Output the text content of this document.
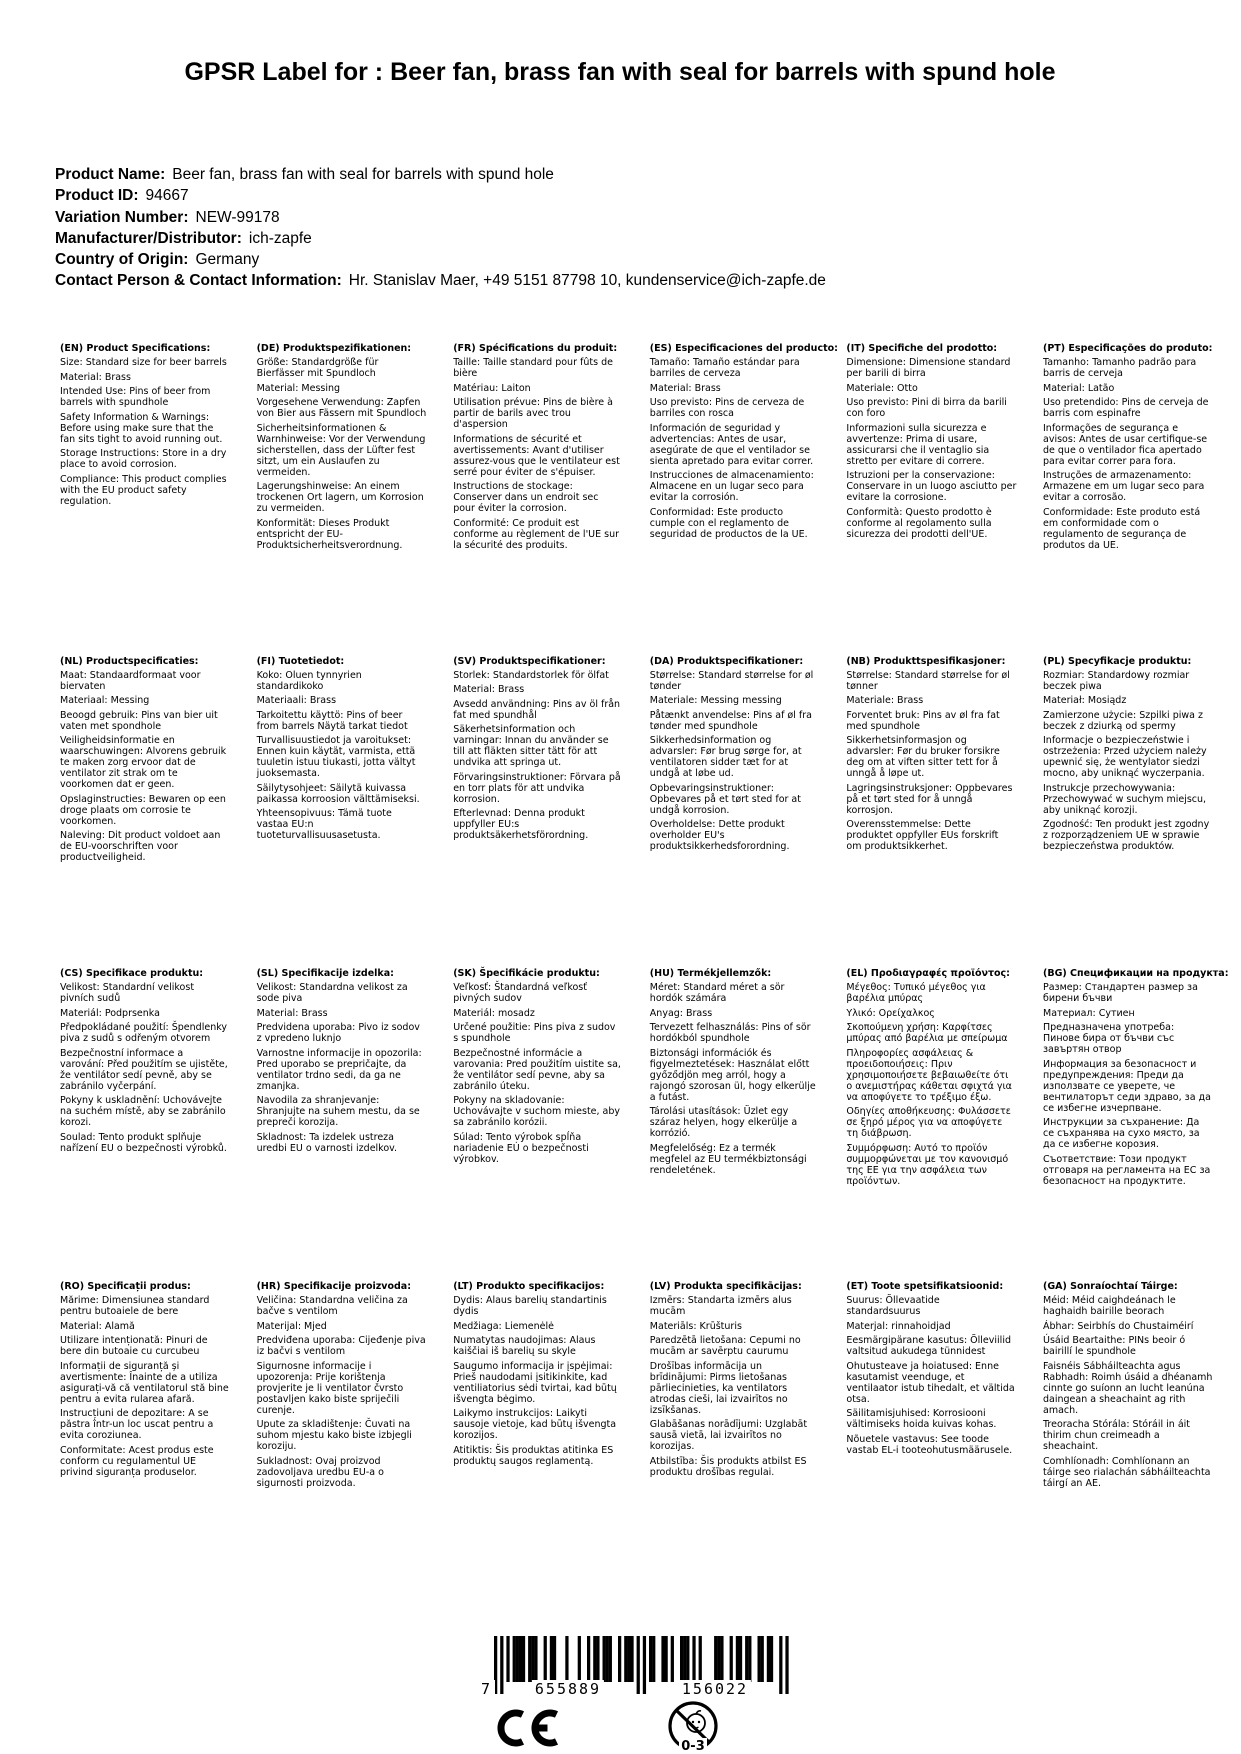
GPSR Label for : Beer fan, brass fan with seal for barrels with spund hole
Product Name: Beer fan, brass fan with seal for barrels with spund hole
Product ID: 94667
Variation Number: NEW-99178
Manufacturer/Distributor: ich-zapfe
Country of Origin: Germany
Contact Person & Contact Information: Hr. Stanislav Maer, +49 5151 87798 10, kundenservice@ich-zapfe.de
(EN) Product Specifications:

Size: Standard size for beer barrels

Material: Brass

Intended Use: Pins of beer from barrels with spundhole

Safety Information & Warnings: Before using make sure that the fan sits tight to avoid running out.

Storage Instructions: Store in a dry place to avoid corrosion.

Compliance: This product complies with the EU product safety regulation.

(DE) Produktspezifikationen:

Größe: Standardgröße für Bierfässer mit Spundloch

Material: Messing

Vorgesehene Verwendung: Zapfen von Bier aus Fässern mit Spundloch

Sicherheitsinformationen & Warnhinweise: Vor der Verwendung sicherstellen, dass der Lüfter fest sitzt, um ein Auslaufen zu vermeiden.

Lagerungshinweise: An einem trockenen Ort lagern, um Korrosion zu vermeiden.

Konformität: Dieses Produkt entspricht der EU-Produktsicherheitsverordnung.

(FR) Spécifications du produit:

Taille: Taille standard pour fûts de bière

Matériau: Laiton

Utilisation prévue: Pins de bière à partir de barils avec trou d'aspersion

Informations de sécurité et avertissements: Avant d'utiliser assurez-vous que le ventilateur est serré pour éviter de s'épuiser.

Instructions de stockage: Conserver dans un endroit sec pour éviter la corrosion.

Conformité: Ce produit est conforme au règlement de l'UE sur la sécurité des produits.

(ES) Especificaciones del producto:

Tamaño: Tamaño estándar para barriles de cerveza

Material: Brass

Uso previsto: Pins de cerveza de barriles con rosca

Información de seguridad y advertencias: Antes de usar, asegúrate de que el ventilador se sienta apretado para evitar correr.

Instrucciones de almacenamiento: Almacene en un lugar seco para evitar la corrosión.

Conformidad: Este producto cumple con el reglamento de seguridad de productos de la UE.

(IT) Specifiche del prodotto:

Dimensione: Dimensione standard per barili di birra

Materiale: Otto

Uso previsto: Pini di birra da barili con foro

Informazioni sulla sicurezza e avvertenze: Prima di usare, assicurarsi che il ventaglio sia stretto per evitare di correre.

Istruzioni per la conservazione: Conservare in un luogo asciutto per evitare la corrosione.

Conformità: Questo prodotto è conforme al regolamento sulla sicurezza dei prodotti dell'UE.

(PT) Especificações do produto:

Tamanho: Tamanho padrão para barris de cerveja

Material: Latão

Uso pretendido: Pins de cerveja de barris com espinafre

Informações de segurança e avisos: Antes de usar certifique-se de que o ventilador fica apertado para evitar correr para fora.

Instruções de armazenamento: Armazene em um lugar seco para evitar a corrosão.

Conformidade: Este produto está em conformidade com o regulamento de segurança de produtos da UE.

(NL) Productspecificaties:

Maat: Standaardformaat voor biervaten

Materiaal: Messing

Beoogd gebruik: Pins van bier uit vaten met spondhole

Veiligheidsinformatie en waarschuwingen: Alvorens gebruik te maken zorg ervoor dat de ventilator zit strak om te voorkomen dat er geen.

Opslaginstructies: Bewaren op een droge plaats om corrosie te voorkomen.

Naleving: Dit product voldoet aan de EU-voorschriften voor productveiligheid.

(FI) Tuotetiedot:

Koko: Oluen tynnyrien standardikoko

Materiaali: Brass

Tarkoitettu käyttö: Pins of beer from barrels Näytä tarkat tiedot

Turvallisuustiedot ja varoitukset: Ennen kuin käytät, varmista, että tuuletin istuu tiukasti, jotta vältyt juoksemasta.

Säilytysohjeet: Säilytä kuivassa paikassa korroosion välttämiseksi.

Yhteensopivuus: Tämä tuote vastaa EU:n tuoteturvallisuusasetusta.

(SV) Produktspecifikationer:

Storlek: Standardstorlek för ölfat

Material: Brass

Avsedd användning: Pins av öl från fat med spundhål

Säkerhetsinformation och varningar: Innan du använder se till att fläkten sitter tätt för att undvika att springa ut.

Förvaringsinstruktioner: Förvara på en torr plats för att undvika korrosion.

Efterlevnad: Denna produkt uppfyller EU:s produktsäkerhetsförordning.

(DA) Produktspecifikationer:

Størrelse: Standard størrelse for øl tønder

Materiale: Messing messing

Påtænkt anvendelse: Pins af øl fra tønder med spundhole

Sikkerhedsinformation og advarsler: Før brug sørge for, at ventilatoren sidder tæt for at undgå at løbe ud.

Opbevaringsinstruktioner: Opbevares på et tørt sted for at undgå korrosion.

Overholdelse: Dette produkt overholder EU's produktsikkerhedsforordning.

(NB) Produkttspesifikasjoner:

Størrelse: Standard størrelse for øl tønner

Materiale: Brass

Forventet bruk: Pins av øl fra fat med spundhole

Sikkerhetsinformasjon og advarsler: Før du bruker forsikre deg om at viften sitter tett for å unngå å løpe ut.

Lagringsinstruksjoner: Oppbevares på et tørt sted for å unngå korrosjon.

Overensstemmelse: Dette produktet oppfyller EUs forskrift om produktsikkerhet.

(PL) Specyfikacje produktu:

Rozmiar: Standardowy rozmiar beczek piwa

Materiał: Mosiądz

Zamierzone użycie: Szpilki piwa z beczek z dziurką od spermy

Informacje o bezpieczeństwie i ostrzeżenia: Przed użyciem należy upewnić się, że wentylator siedzi mocno, aby uniknąć wyczerpania.

Instrukcje przechowywania: Przechowywać w suchym miejscu, aby uniknąć korozji.

Zgodność: Ten produkt jest zgodny z rozporządzeniem UE w sprawie bezpieczeństwa produktów.

(CS) Specifikace produktu:

Velikost: Standardní velikost pivních sudů

Materiál: Podprsenka

Předpokládané použití: Špendlenky piva z sudů s odřeným otvorem

Bezpečnostní informace a varování: Před použitím se ujistěte, že ventilátor sedí pevně, aby se zabránilo vyčerpání.

Pokyny k uskladnění: Uchovávejte na suchém místě, aby se zabránilo korozi.

Soulad: Tento produkt splňuje nařízení EU o bezpečnosti výrobků.

(SL) Specifikacije izdelka:

Velikost: Standardna velikost za sode piva

Material: Brass

Predvidena uporaba: Pivo iz sodov z vpredeno luknjo

Varnostne informacije in opozorila: Pred uporabo se prepričajte, da ventilator trdno sedi, da ga ne zmanjka.

Navodila za shranjevanje: Shranjujte na suhem mestu, da se prepreči korozija.

Skladnost: Ta izdelek ustreza uredbi EU o varnosti izdelkov.

(SK) Špecifikácie produktu:

Veľkosť: Štandardná veľkosť pivných sudov

Materiál: mosadz

Určené použitie: Pins piva z sudov s spundhole

Bezpečnostné informácie a varovania: Pred použitím uistite sa, že ventilátor sedí pevne, aby sa zabránilo úteku.

Pokyny na skladovanie: Uchovávajte v suchom mieste, aby sa zabránilo korózii.

Súlad: Tento výrobok spĺňa nariadenie EÚ o bezpečnosti výrobkov.

(HU) Termékjellemzők:

Méret: Standard méret a sör hordók számára

Anyag: Brass

Tervezett felhasználás: Pins of sör hordókból spundhole

Biztonsági információk és figyelmeztetések: Használat előtt győződjön meg arról, hogy a rajongó szorosan ül, hogy elkerülje a futást.

Tárolási utasítások: Üzlet egy száraz helyen, hogy elkerülje a korrózió.

Megfelelőség: Ez a termék megfelel az EU termékbiztonsági rendeletének.

(EL) Προδιαγραφές προϊόντος:

Μέγεθος: Τυπικό μέγεθος για βαρέλια μπύρας

Υλικό: Ορείχαλκος

Σκοπούμενη χρήση: Καρφίτσες μπύρας από βαρέλια με σπείρωμα

Πληροφορίες ασφάλειας & προειδοποιήσεις: Πριν χρησιμοποιήσετε βεβαιωθείτε ότι ο ανεμιστήρας κάθεται σφιχτά για να αποφύγετε το τρέξιμο έξω.

Οδηγίες αποθήκευσης: Φυλάσσετε σε ξηρό μέρος για να αποφύγετε τη διάβρωση.

Συμμόρφωση: Αυτό το προϊόν συμμορφώνεται με τον κανονισμό της ΕΕ για την ασφάλεια των προϊόντων.

(BG) Спецификации на продукта:

Размер: Стандартен размер за бирени бъчви

Материал: Сутиен

Предназначена употреба: Пинове бира от бъчви със завъртян отвор

Информация за безопасност и предупреждения: Преди да използвате се уверете, че вентилаторът седи здраво, за да се избегне изчерпване.

Инструкции за съхранение: Да се съхранява на сухо място, за да се избегне корозия.

Съответствие: Този продукт отговаря на регламента на ЕС за безопасност на продуктите.

(RO) Specificații produs:

Mărime: Dimensiunea standard pentru butoaiele de bere

Material: Alamă

Utilizare intenționată: Pinuri de bere din butoaie cu curcubeu

Informații de siguranță și avertismente: Înainte de a utiliza asigurați-vă că ventilatorul stă bine pentru a evita rularea afară.

Instrucțiuni de depozitare: A se păstra într-un loc uscat pentru a evita coroziunea.

Conformitate: Acest produs este conform cu regulamentul UE privind siguranța produselor.

(HR) Specifikacije proizvoda:

Veličina: Standardna veličina za bačve s ventilom

Materijal: Mjed

Predviđena uporaba: Cijeđenje piva iz bačvi s ventilom

Sigurnosne informacije i upozorenja: Prije korištenja provjerite je li ventilator čvrsto postavljen kako biste spriječili curenje.

Upute za skladištenje: Čuvati na suhom mjestu kako biste izbjegli koroziju.

Sukladnost: Ovaj proizvod zadovoljava uredbu EU-a o sigurnosti proizvoda.

(LT) Produkto specifikacijos:

Dydis: Alaus barelių standartinis dydis

Medžiaga: Liemenėlė

Numatytas naudojimas: Alaus kaiščiai iš barelių su skyle

Saugumo informacija ir įspėjimai: Prieš naudodami įsitikinkite, kad ventiliatorius sėdi tvirtai, kad būtų išvengta bėgimo.

Laikymo instrukcijos: Laikyti sausoje vietoje, kad būtų išvengta korozijos.

Atitiktis: Šis produktas atitinka ES produktų saugos reglamentą.

(LV) Produkta specifikācijas:

Izmērs: Standarta izmērs alus mucām

Materiāls: Krūšturis

Paredzētā lietošana: Cepumi no mucām ar savērptu caurumu

Drošības informācija un brīdinājumi: Pirms lietošanas pārliecinieties, ka ventilators atrodas cieši, lai izvairītos no izsīkšanas.

Glabāšanas norādījumi: Uzglabāt sausā vietā, lai izvairītos no korozijas.

Atbilstība: Šis produkts atbilst ES produktu drošības regulai.

(ET) Toote spetsifikatsioonid:

Suurus: Õllevaatide standardsuurus

Materjal: rinnahoidjad

Eesmärgipärane kasutus: Õlleviilid valtsitud aukudega tünnidest

Ohutusteave ja hoiatused: Enne kasutamist veenduge, et ventilaator istub tihedalt, et vältida otsa.

Säilitamisjuhised: Korrosiooni vältimiseks hoida kuivas kohas.

Nõuetele vastavus: See toode vastab EL-i tooteohutusmäärusele.

(GA) Sonraíochtaí Táirge:

Méid: Méid caighdeánach le haghaidh bairille beorach

Ábhar: Seirbhís do Chustaiméirí

Úsáid Beartaithe: PINs beoir ó bairillí le spundhole

Faisnéis Sábháilteachta agus Rabhadh: Roimh úsáid a dhéanamh cinnte go suíonn an lucht leanúna daingean a sheachaint ag rith amach.

Treoracha Stórála: Stóráil in áit thirim chun creimeadh a sheachaint.

Comhlíonadh: Comhlíonann an táirge seo rialachán sábháilteachta táirgí an AE.

7	655889	156022
0-3
